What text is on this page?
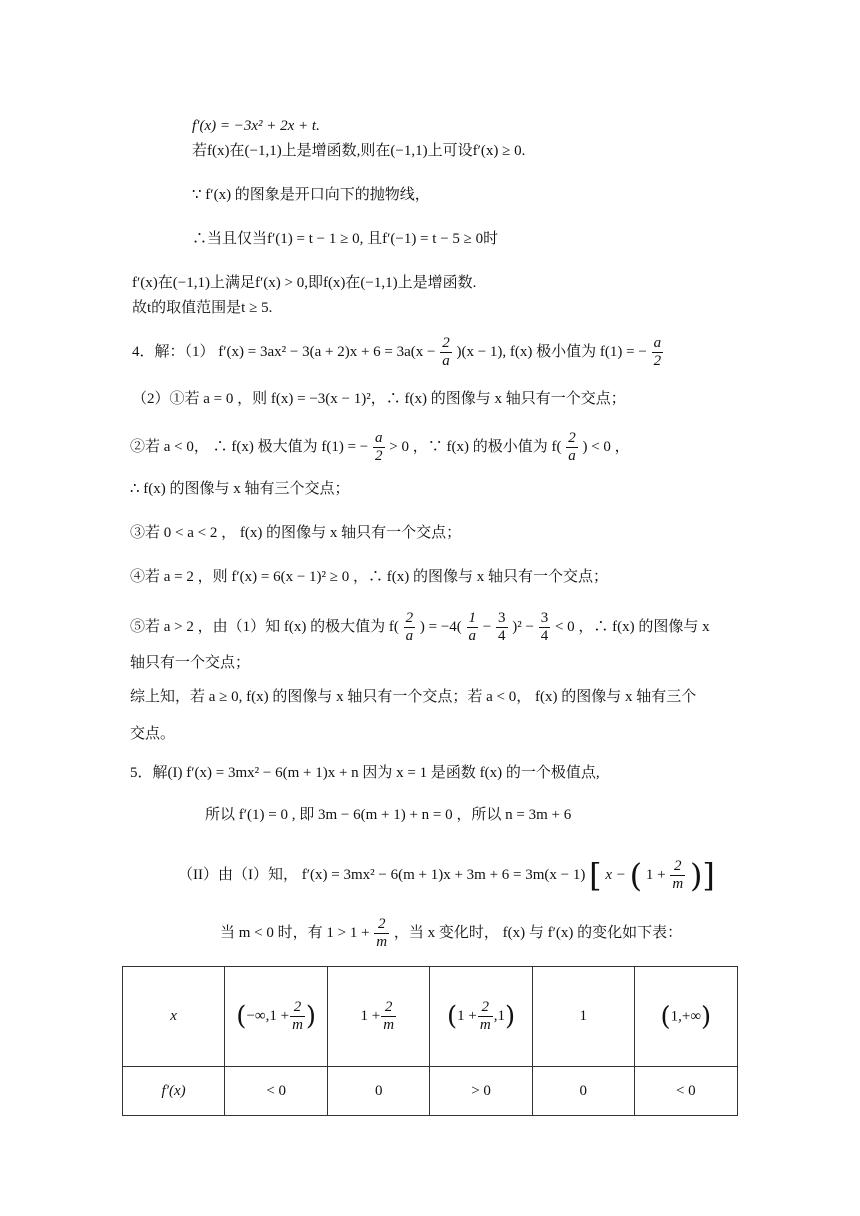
f′(x) = −3x² + 2x + t.
若f(x)在(−1,1)上是增函数,则在(−1,1)上可设f′(x) ≥ 0.
∵ f′(x) 的图象是开口向下的抛物线，
∴当且仅当f′(1) = t − 1 ≥ 0, 且f′(−1) = t − 5 ≥ 0时
f′(x)在(−1,1)上满足f′(x) > 0,即f(x)在(−1,1)上是增函数.
故t的取值范围是t ≥ 5.
4．解：（1） $f'(x) = 3ax^2 - 3(a + 2)x + 6 = 3a(x - \frac{2}{a} )(x - 1)$, f(x) 极小值为 f(1) = − $\frac{a}{2}$
（2）①若 a = 0 ，则 f(x) = −3(x − 1)²，∴ f(x) 的图像与 x 轴只有一个交点；
②若 a < 0， ∴ f(x) 极大值为 f(1) = − $\frac{a}{2} > 0$ ，∵ f(x) 的极小值为 $f( \frac{2}{a}$ ) < 0 ，
∴ f(x) 的图像与 x 轴有三个交点；
③若 0 < a < 2 ， f(x) 的图像与 x 轴只有一个交点；
④若 a = 2 ，则 f′(x) = 6(x − 1)² ≥ 0 ，∴ f(x) 的图像与 x 轴只有一个交点；
⑤若 a > 2 ，由（1）知 f(x) 的极大值为 $f( \frac{2}{a}$ ) = $-4( \frac{1}{a} - \frac{3}{4} )^2 - \frac{3}{4} < 0$ ，∴ f(x) 的图像与 x
轴只有一个交点；
综上知，若 a ≥ 0, f(x) 的图像与 x 轴只有一个交点；若 a < 0， f(x) 的图像与 x 轴有三个
交点。
5．解(I) f′(x) = 3mx² − 6(m + 1)x + n 因为 x = 1 是函数 f(x) 的一个极值点,
所以 f′(1) = 0 , 即 3m − 6(m + 1) + n = 0 ，所以 n = 3m + 6
（II）由（I）知， f′(x) = 3mx² − 6(m + 1)x + 3m + 6 = 3m(x − 1) [ x − ( $1 + \frac{2}{m}$ )]
当 m < 0 时，有 $1 > 1 + \frac{2}{m}$ ，当 x 变化时， f(x) 与 f′(x) 的变化如下表：
x	($-\infty,1 + \frac{2}{m}$ )	$1 + \frac{2}{m}$	$(1 + \frac{2}{m} ,1)$	1	(1,+∞)
f′(x)	< 0	0	> 0	0	< 0
